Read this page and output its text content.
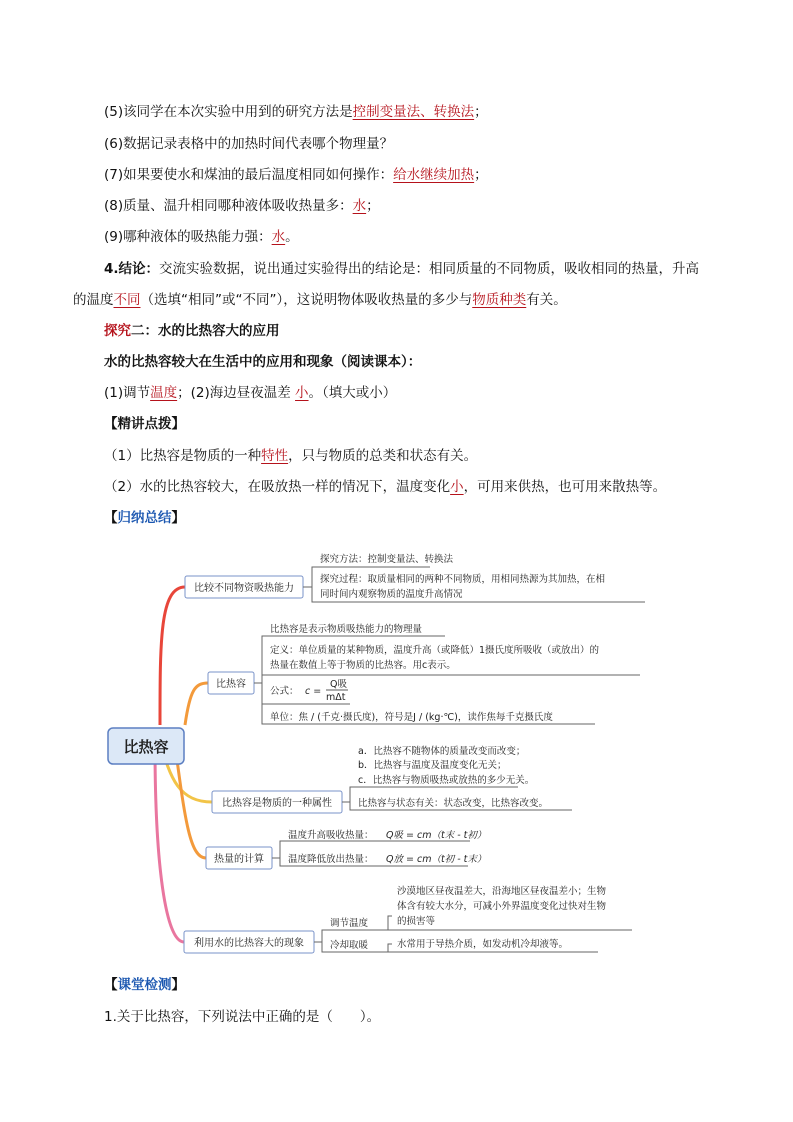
(5)该同学在本次实验中用到的研究方法是控制变量法、转换法；
(6)数据记录表格中的加热时间代表哪个物理量？
(7)如果要使水和煤油的最后温度相同如何操作：给水继续加热；
(8)质量、温升相同哪种液体吸收热量多：水；
(9)哪种液体的吸热能力强：水。
4.结论：交流实验数据，说出通过实验得出的结论是：相同质量的不同物质，吸收相同的热量，升高
的温度不同（选填“相同”或“不同”），这说明物体吸收热量的多少与物质种类有关。
探究二：水的比热容大的应用
水的比热容较大在生活中的应用和现象（阅读课本）：
(1)调节温度；(2)海边昼夜温差 小。（填大或小）
【精讲点拨】
（1）比热容是物质的一种特性，只与物质的总类和状态有关。
（2）水的比热容较大，在吸放热一样的情况下，温度变化小，可用来供热，也可用来散热等。
【归纳总结】
比热容
比较不同物资吸热能力
探究方法：控制变量法、转换法
探究过程：取质量相同的两种不同物质，用相同热源为其加热，在相
同时间内观察物质的温度升高情况
比热容
比热容是表示物质吸热能力的物理量
定义：单位质量的某种物质，温度升高（或降低）1摄氏度所吸收（或放出）的
热量在数值上等于物质的比热容。用c表示。
公式： c =
Q吸
mΔt
单位：焦 / (千克·摄氏度)，符号是J / (kg·℃)，读作焦每千克摄氏度
比热容是物质的一种属性
a．比热容不随物体的质量改变而改变；
b．比热容与温度及温度变化无关；
c．比热容与物质吸热或放热的多少无关。
比热容与状态有关：状态改变，比热容改变。
热量的计算
温度升高吸收热量： Q吸 = cm（t末 - t初）
温度降低放出热量： Q放 = cm（t初 - t末）
利用水的比热容大的现象
调节温度
冷却取暖
沙漠地区昼夜温差大，沿海地区昼夜温差小；生物
体含有较大水分，可减小外界温度变化过快对生物
的损害等
水常用于导热介质，如发动机冷却液等。
【课堂检测】
1.关于比热容，下列说法中正确的是（　　）。
